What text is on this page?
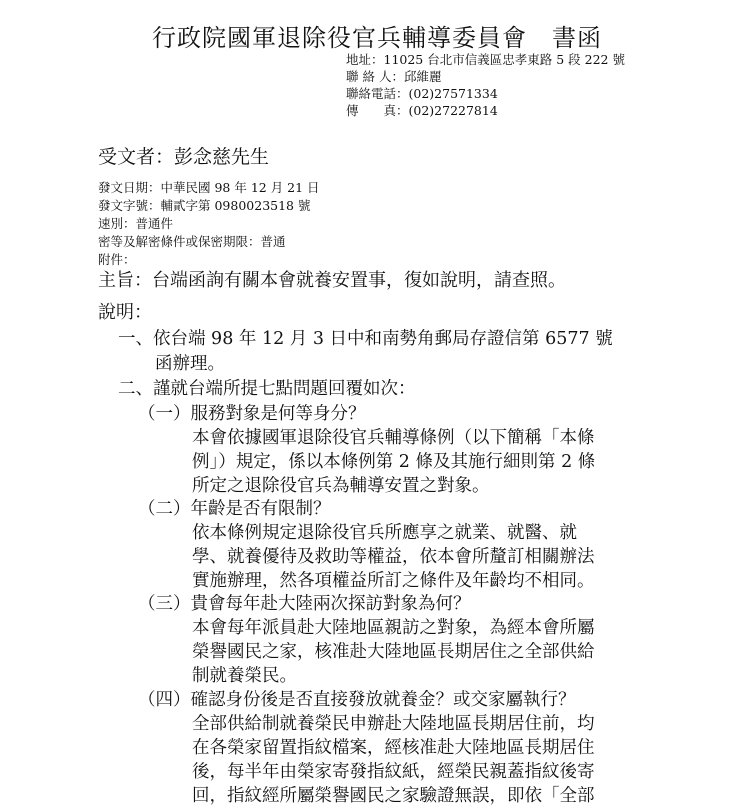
行政院國軍退除役官兵輔導委員會　書函
地址：11025 台北市信義區忠孝東路 5 段 222 號
聯 絡 人：邱維麗
聯絡電話：(02)27571334
傳　　真：(02)27227814
受文者：彭念慈先生
發文日期：中華民國 98 年 12 月 21 日
發文字號：輔貳字第 0980023518 號
速別：普通件
密等及解密條件或保密期限：普通
附件：
主旨：台端函詢有關本會就養安置事，復如說明，請查照。
說明：
一、依台端 98 年 12 月 3 日中和南勢角郵局存證信第 6577 號
函辦理。
二、謹就台端所提七點問題回覆如次：
（一）服務對象是何等身分？
本會依據國軍退除役官兵輔導條例（以下簡稱「本條
例」）規定，係以本條例第 2 條及其施行細則第 2 條
所定之退除役官兵為輔導安置之對象。
（二）年齡是否有限制？
依本條例規定退除役官兵所應享之就業、就醫、就
學、就養優待及救助等權益，依本會所釐訂相關辦法
實施辦理，然各項權益所訂之條件及年齡均不相同。
（三）貴會每年赴大陸兩次探訪對象為何？
本會每年派員赴大陸地區親訪之對象，為經本會所屬
榮譽國民之家，核准赴大陸地區長期居住之全部供給
制就養榮民。
（四）確認身份後是否直接發放就養金？或交家屬執行？
全部供給制就養榮民申辦赴大陸地區長期居住前，均
在各榮家留置指紋檔案，經核准赴大陸地區長期居住
後，每半年由榮家寄發指紋紙，經榮民親蓋指紋後寄
回，指紋經所屬榮譽國民之家驗證無誤，即依「全部
